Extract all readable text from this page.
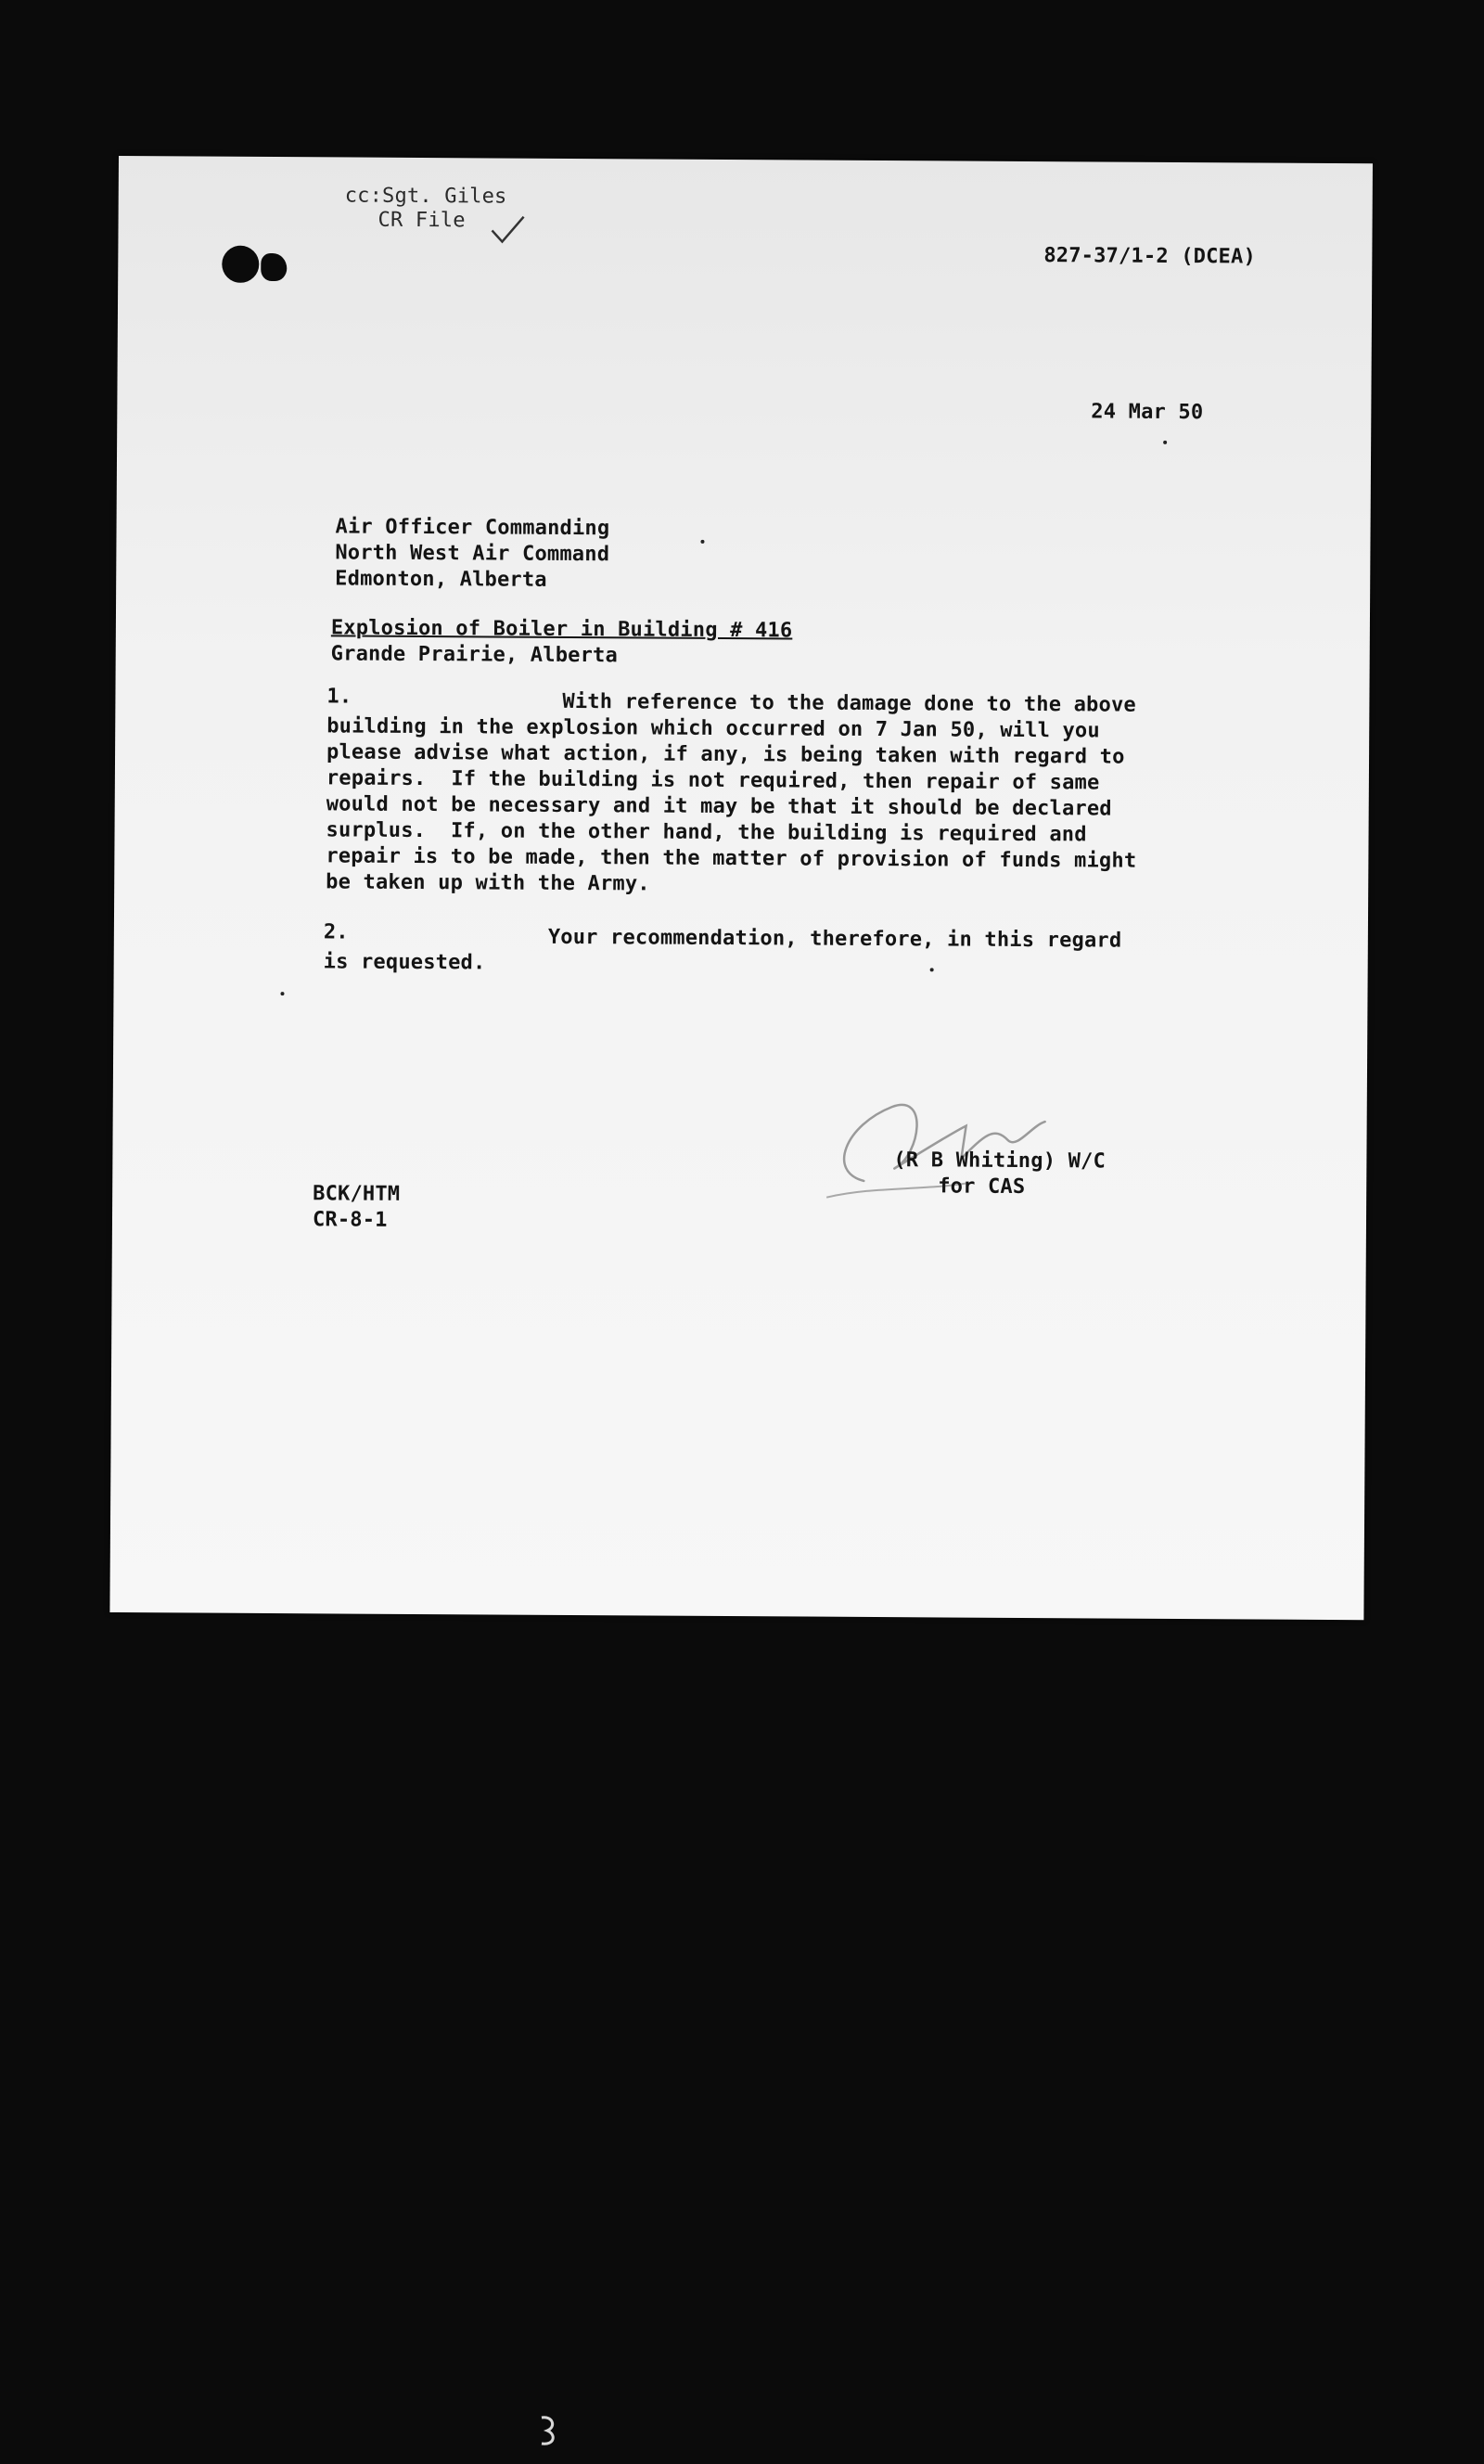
cc:Sgt. Giles
CR File
827-37/1-2 (DCEA)
24 Mar 50
Air Officer Commanding
North West Air Command
Edmonton, Alberta
Explosion of Boiler in Building # 416
Grande Prairie, Alberta
1.	With reference to the damage done to the above
building in the explosion which occurred on 7 Jan 50, will you
please advise what action, if any, is being taken with regard to
repairs.  If the building is not required, then repair of same
would not be necessary and it may be that it should be declared
surplus.  If, on the other hand, the building is required and
repair is to be made, then the matter of provision of funds might
be taken up with the Army.
2.	Your recommendation, therefore, in this regard
is requested.
(R B Whiting) W/C
for CAS
BCK/HTM
CR-8-1
